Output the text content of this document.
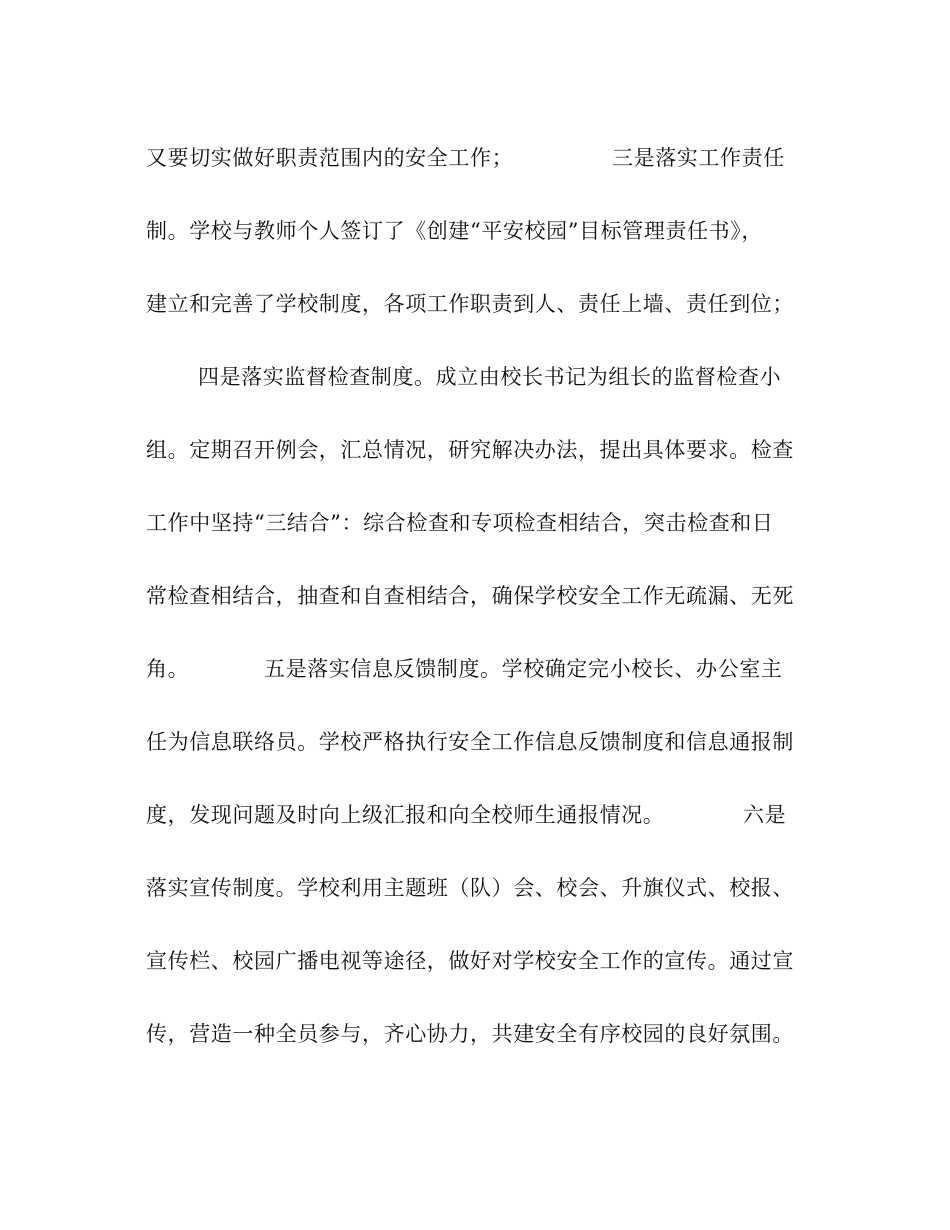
又要切实做好职责范围内的安全工作；	三是落实工作责任
制。学校与教师个人签订了《创建“平安校园”目标管理责任书》，
建立和完善了学校制度，各项工作职责到人、责任上墙、责任到位；
四是落实监督检查制度。成立由校长书记为组长的监督检查小
组。定期召开例会，汇总情况，研究解决办法，提出具体要求。检查
工作中坚持“三结合”：综合检查和专项检查相结合，突击检查和日
常检查相结合，抽查和自查相结合，确保学校安全工作无疏漏、无死
角。	五是落实信息反馈制度。学校确定完小校长、办公室主
任为信息联络员。学校严格执行安全工作信息反馈制度和信息通报制
度，发现问题及时向上级汇报和向全校师生通报情况。	六是
落实宣传制度。学校利用主题班（队）会、校会、升旗仪式、校报、
宣传栏、校园广播电视等途径，做好对学校安全工作的宣传。通过宣
传，营造一种全员参与，齐心协力，共建安全有序校园的良好氛围。
